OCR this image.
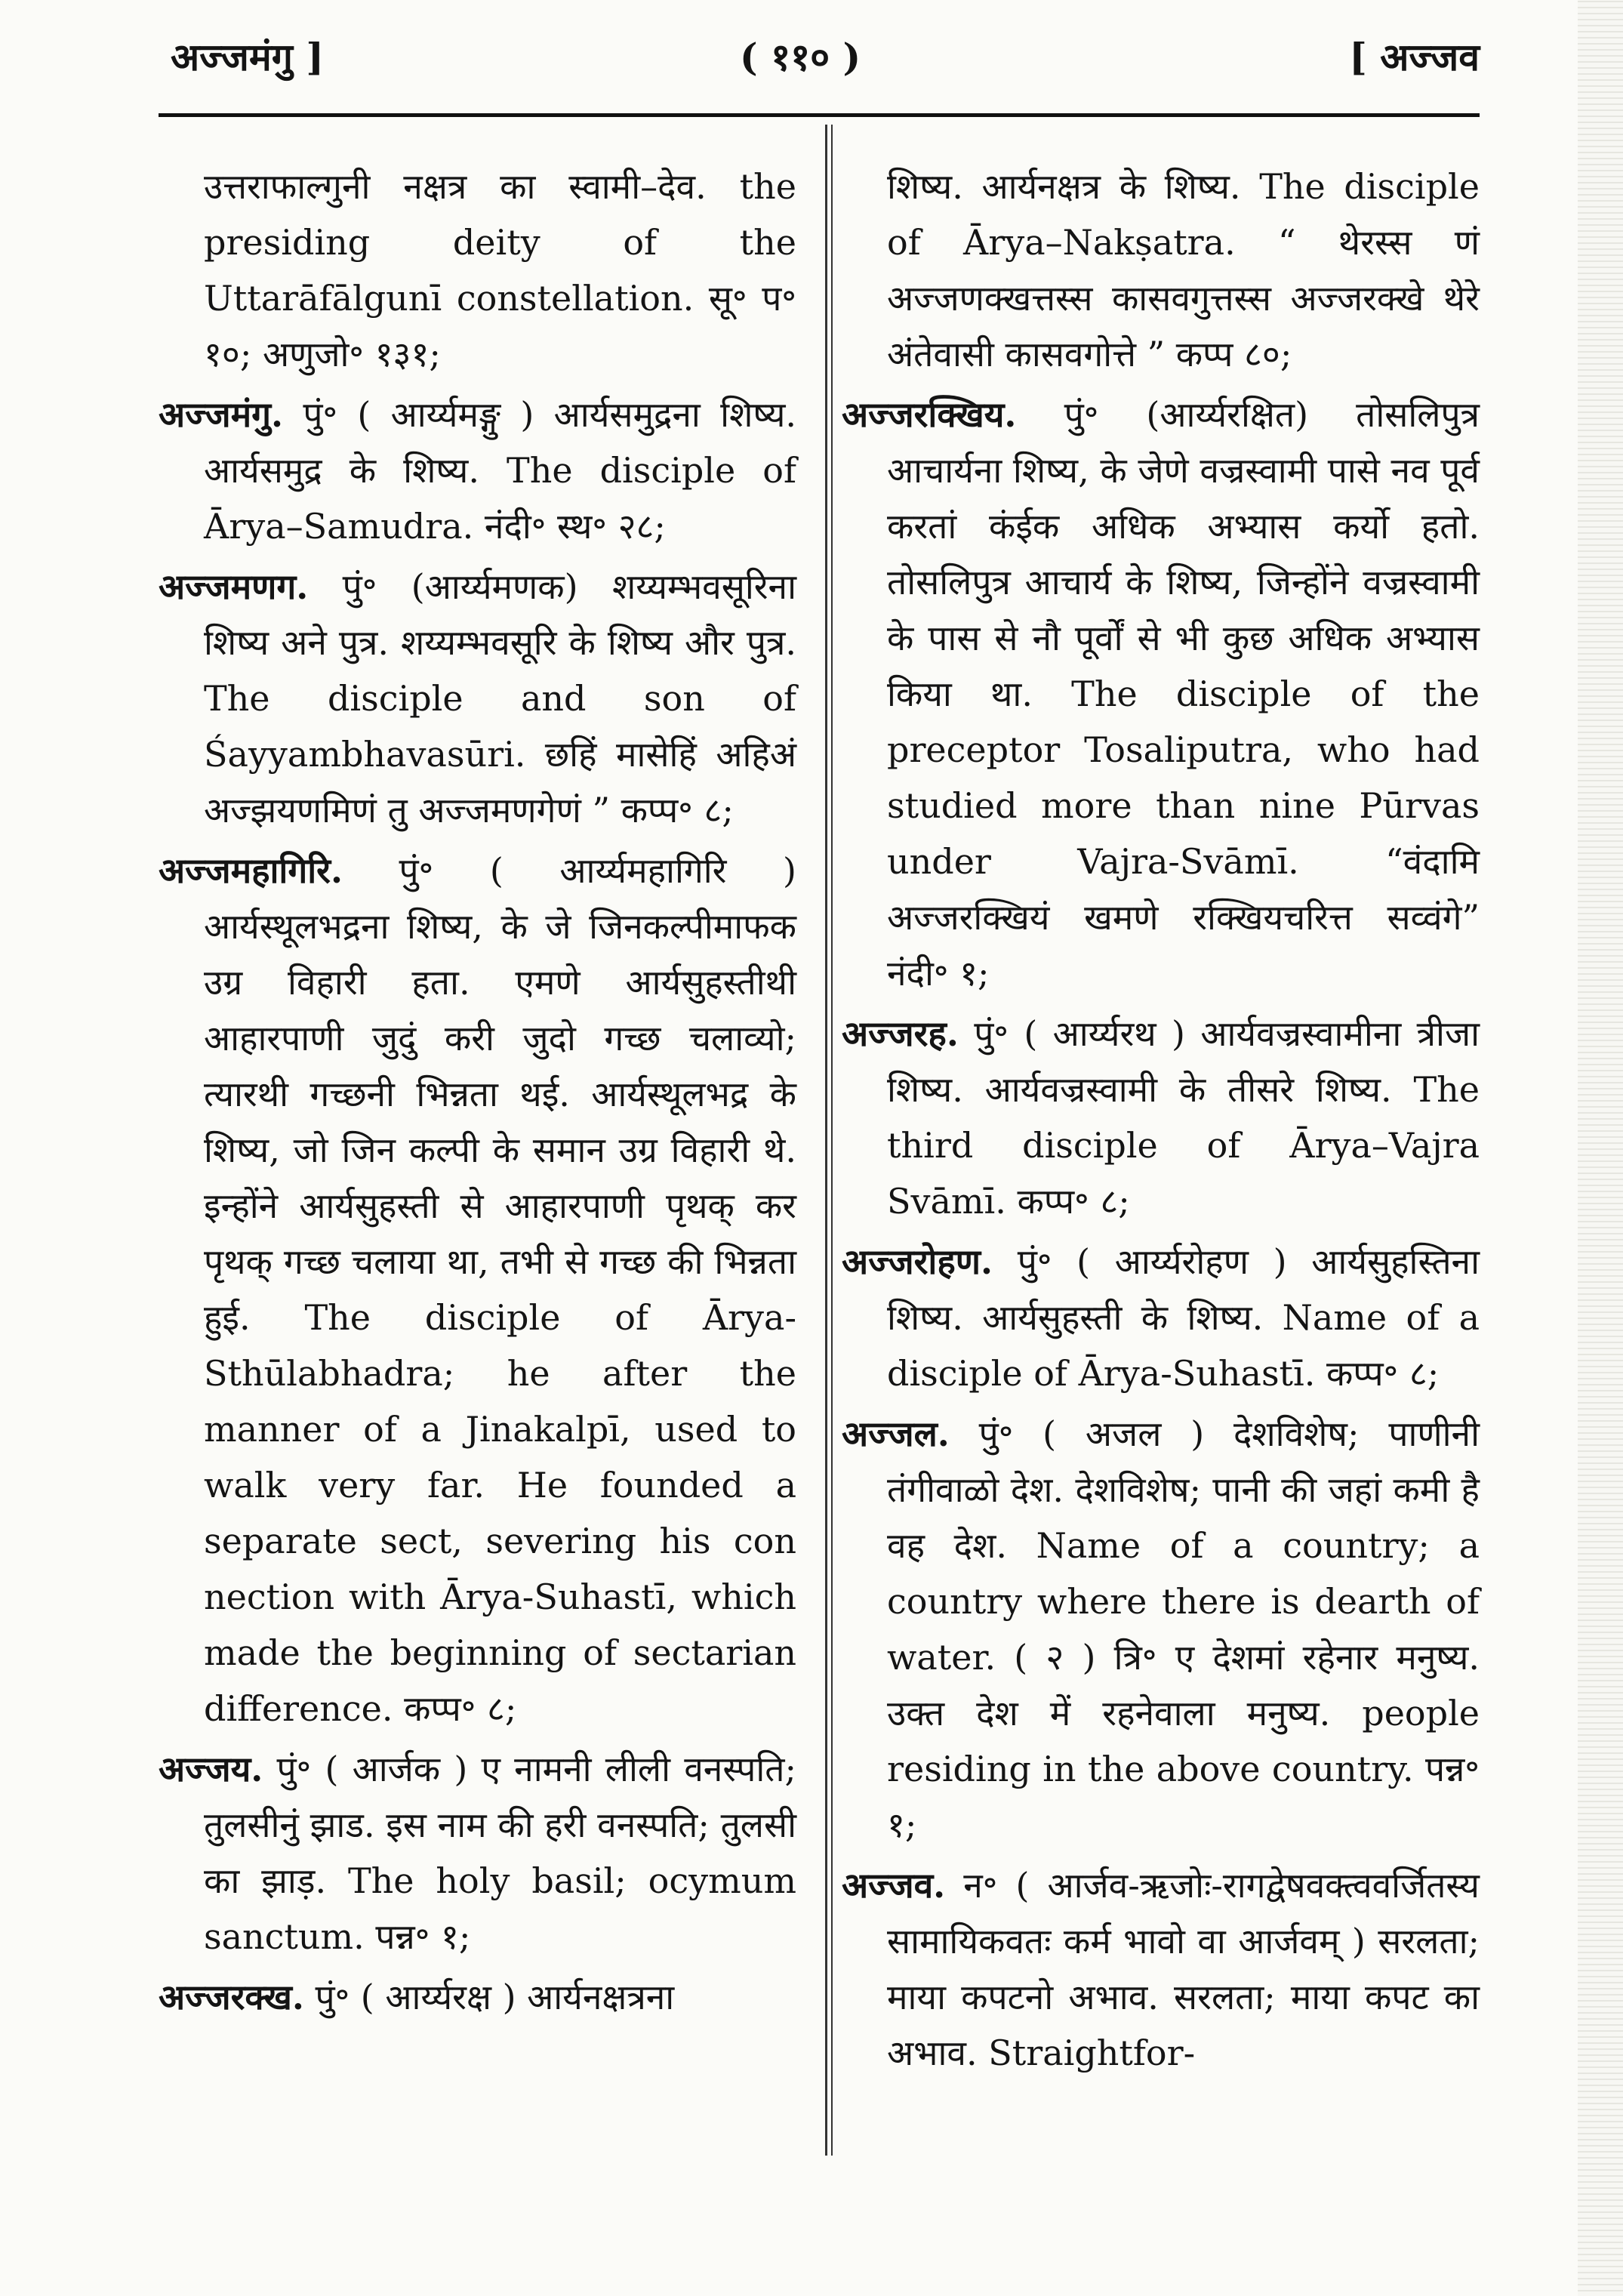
अज्जमंगु ]	( ११० )	[ अज्जव

उत्तराफाल्गुनी नक्षत्र का स्वामी–देव. the presiding deity of the Uttarāfālgunī constellation. सू॰ प॰ १०; अणुजो॰ १३१;

अज्जमंगु. पुं॰ ( आर्य्यमङ्गु ) आर्यसमुद्रना शिष्य. आर्यसमुद्र के शिष्य. The disciple of Ārya–Samudra. नंदी॰ स्थ॰ २८;

अज्जमणग. पुं॰ (आर्य्यमणक) शय्यम्भवसूरिना शिष्य अने पुत्र. शय्यम्भवसूरि के शिष्य और पुत्र. The disciple and son of Śayyambhavasūri. छहिं मासेहिं अहिअं अज्झयणमिणं तु अज्जमणगेणं ” कप्प॰ ८;

अज्जमहागिरि. पुं॰ ( आर्य्यमहागिरि ) आर्यस्थूलभद्रना शिष्य, के जे जिनकल्पीमाफक उग्र विहारी हता. एमणे आर्यसुहस्तीथी आहारपाणी जुदुं करी जुदो गच्छ चलाव्यो; त्यारथी गच्छनी भिन्नता थई. आर्यस्थूलभद्र के शिष्य, जो जिन कल्पी के समान उग्र विहारी थे. इन्होंने आर्यसुहस्ती से आहारपाणी पृथक् कर पृथक् गच्छ चलाया था, तभी से गच्छ की भिन्नता हुई. The disciple of Ārya-Sthūlabhadra; he after the manner of a Jinakalpī, used to walk very far. He founded a separate sect, severing his con nection with Ārya-Suhastī, which made the beginning of sectarian difference. कप्प॰ ८;

अज्जय. पुं॰ ( आर्जक ) ए नामनी लीली वनस्पति; तुलसीनुं झाड. इस नाम की हरी वनस्पति; तुलसी का झाड़. The holy basil; ocymum sanctum. पन्न॰ १;

अज्जरक्ख. पुं॰ ( आर्य्यरक्ष ) आर्यनक्षत्रना

शिष्य. आर्यनक्षत्र के शिष्य. The disciple of Ārya–Nakṣatra. “ थेरस्स णं अज्जणक्खत्तस्स कासवगुत्तस्स अज्जरक्खे थेरे अंतेवासी कासवगोत्ते ” कप्प ८०;

अज्जरक्खिय. पुं॰ (आर्य्यरक्षित) तोसलिपुत्र आचार्यना शिष्य, के जेणे वज्रस्वामी पासे नव पूर्व करतां कंईक अधिक अभ्यास कर्यो हतो. तोसलिपुत्र आचार्य के शिष्य, जिन्होंने वज्रस्वामी के पास से नौ पूर्वों से भी कुछ अधिक अभ्यास किया था. The disciple of the preceptor Tosaliputra, who had studied more than nine Pūrvas under Vajra-Svāmī. “वंदामि अज्जरक्खियं खमणे रक्खियचरित्त सव्वंगे” नंदी॰ १;

अज्जरह. पुं॰ ( आर्य्यरथ ) आर्यवज्रस्वामीना त्रीजा शिष्य. आर्यवज्रस्वामी के तीसरे शिष्य. The third disciple of Ārya–Vajra Svāmī. कप्प॰ ८;

अज्जरोहण. पुं॰ ( आर्य्यरोहण ) आर्यसुहस्तिना शिष्य. आर्यसुहस्ती के शिष्य. Name of a disciple of Ārya-Suhastī. कप्प॰ ८;

अज्जल. पुं॰ ( अजल ) देशविशेष; पाणीनी तंगीवाळो देश. देशविशेष; पानी की जहां कमी है वह देश. Name of a country; a country where there is dearth of water. ( २ ) त्रि॰ ए देशमां रहेनार मनुष्य. उक्त देश में रहनेवाला मनुष्य. people residing in the above country. पन्न॰ १;

अज्जव. न॰ ( आर्जव-ऋजोः-रागद्वेषवक्त्ववर्जितस्य सामायिकवतः कर्म भावो वा आर्जवम् ) सरलता; माया कपटनो अभाव. सरलता; माया कपट का अभाव. Straightfor-
